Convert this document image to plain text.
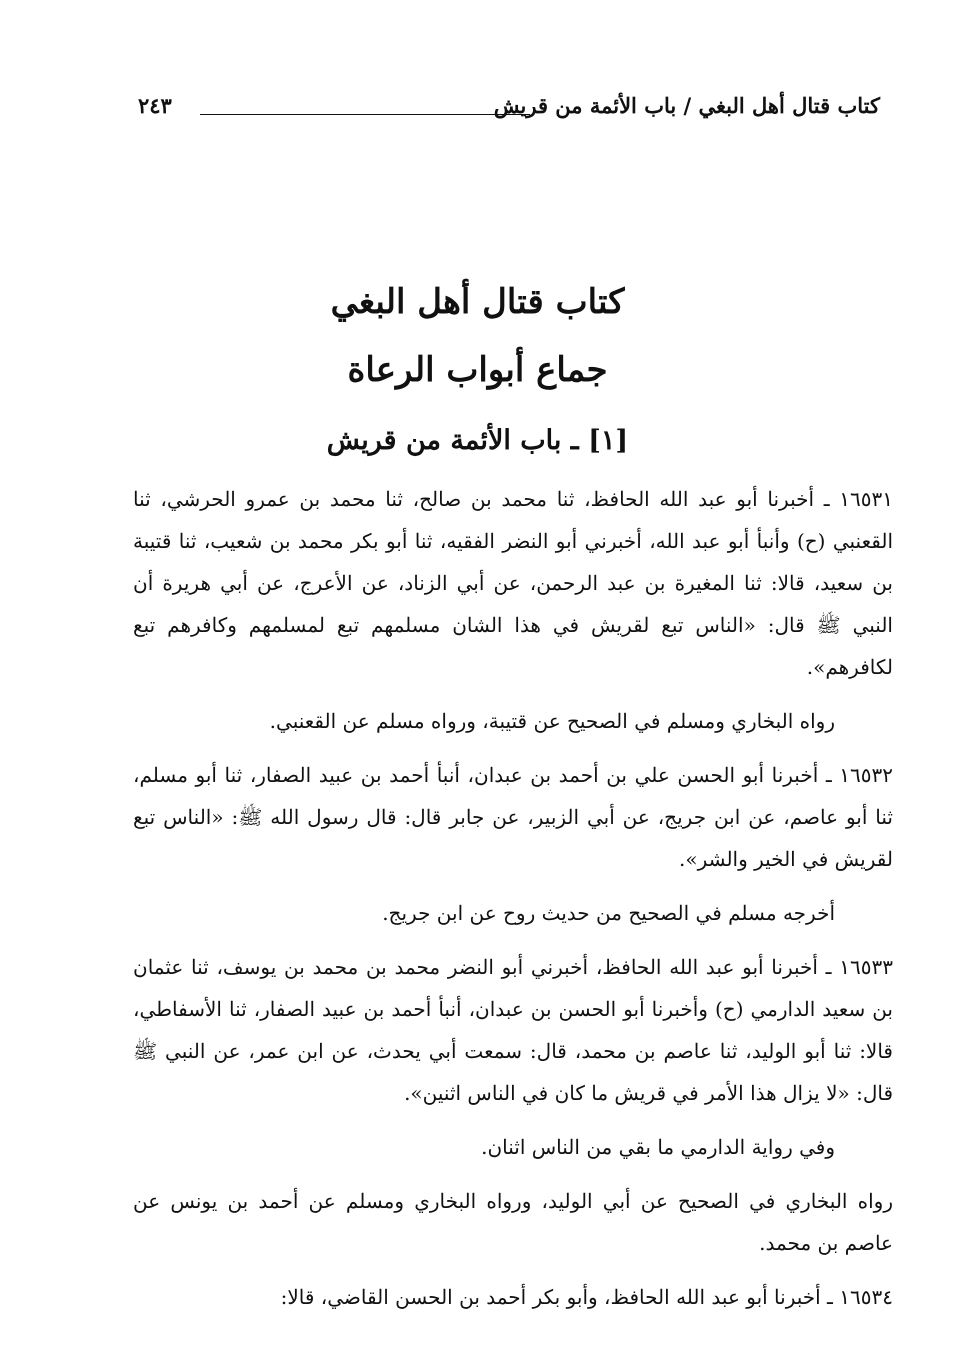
كتاب قتال أهل البغي / باب الأئمة من قريش
٢٤٣
كتاب قتال أهل البغي
جماع أبواب الرعاة
[١] ـ باب الأئمة من قريش

١٦٥٣١ ـ أخبرنا أبو عبد الله الحافظ، ثنا محمد بن صالح، ثنا محمد بن عمرو الحرشي، ثنا القعنبي (ح) وأنبأ أبو عبد الله، أخبرني أبو النضر الفقيه، ثنا أبو بكر محمد بن شعيب، ثنا قتيبة بن سعيد، قالا: ثنا المغيرة بن عبد الرحمن، عن أبي الزناد، عن الأعرج، عن أبي هريرة أن النبي ﷺ قال: «الناس تبع لقريش في هذا الشان مسلمهم تبع لمسلمهم وكافرهم تبع لكافرهم».

رواه البخاري ومسلم في الصحيح عن قتيبة، ورواه مسلم عن القعنبي.

١٦٥٣٢ ـ أخبرنا أبو الحسن علي بن أحمد بن عبدان، أنبأ أحمد بن عبيد الصفار، ثنا أبو مسلم، ثنا أبو عاصم، عن ابن جريج، عن أبي الزبير، عن جابر قال: قال رسول الله ﷺ: «الناس تبع لقريش في الخير والشر».

أخرجه مسلم في الصحيح من حديث روح عن ابن جريج.

١٦٥٣٣ ـ أخبرنا أبو عبد الله الحافظ، أخبرني أبو النضر محمد بن محمد بن يوسف، ثنا عثمان بن سعيد الدارمي (ح) وأخبرنا أبو الحسن بن عبدان، أنبأ أحمد بن عبيد الصفار، ثنا الأسفاطي، قالا: ثنا أبو الوليد، ثنا عاصم بن محمد، قال: سمعت أبي يحدث، عن ابن عمر، عن النبي ﷺ قال: «لا يزال هذا الأمر في قريش ما كان في الناس اثنين».

وفي رواية الدارمي ما بقي من الناس اثنان.

رواه البخاري في الصحيح عن أبي الوليد، ورواه البخاري ومسلم عن أحمد بن يونس عن عاصم بن محمد.

١٦٥٣٤ ـ أخبرنا أبو عبد الله الحافظ، وأبو بكر أحمد بن الحسن القاضي، قالا:
